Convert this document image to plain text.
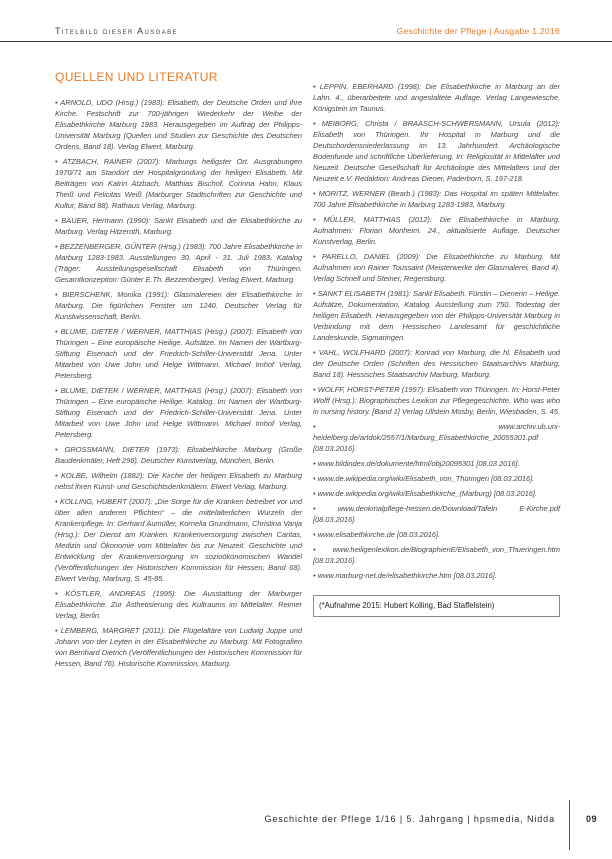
Titelbild dieser Ausgabe	Geschichte der Pflege | Ausgabe 1.2016
QUELLEN UND LITERATUR

• ARNOLD, UDO (Hrsg.) (1983): Elisabeth, der Deutsche Orden und ihre Kirche. Festschrift zur 700-jährigen Wiederkehr der Weihe der Elisabethkirche Marburg 1983. Herausgegeben im Auftrag der Philipps-Universität Marburg (Quellen und Studien zur Geschichte des Deutschen Ordens, Band 18). Verlag Elwert, Marburg.

• ATZBACH, RAINER (2007): Marburgs heiligster Ort. Ausgrabungen 1970/71 am Standort der Hospitalgründung der heiligen Elisabeth. Mit Beiträgen von Katrin Atzbach, Matthias Bischof, Corinna Hahn, Klaus Theiß und Felicitas Weiß (Marburger Stadtschriften zur Geschichte und Kultur, Band 88). Rathaus Verlag, Marburg.

• BAUER, Hermann (1990): Sankt Elisabeth und die Elisabethkirche zu Marburg. Verlag Hitzeroth, Marburg.

• BEZZENBERGER, GÜNTER (Hrsg.) (1983): 700 Jahre Elisabethkirche in Marburg 1283-1983. Ausstellungen 30. April - 31. Juli 1983. Katalog (Träger: Ausstellungsgesellschaft Elisabeth von Thüringen. Gesamtkonzeption: Günter E.Th. Bezzenberger). Verlag Elwert, Marburg.

• BIERSCHENK, Monika (1991): Glasmalereien der Elisabethkirche in Marburg. Die figürlichen Fenster um 1240. Deutscher Verlag für Kunstwissenschaft, Berlin.

• BLUME, DIETER / WERNER, MATTHIAS (Hrsg.) (2007): Elisabeth von Thüringen – Eine europäische Heilige. Aufsätze. Im Namen der Wartburg-Stiftung Eisenach und der Friedrich-Schiller-Universität Jena. Unter Mitarbeit von Uwe John und Helge Wittmann. Michael Imhof Verlag, Petersberg.

• BLUME, DIETER / WERNER, MATTHIAS (Hrsg.) (2007): Elisabeth von Thüringen – Eine europäische Heilige. Katalog. Im Namen der Wartburg-Stiftung Eisenach und der Friedrich-Schiller-Universität Jena. Unter Mitarbeit von Uwe John und Helge Wittmann. Michael Imhof Verlag, Petersberg.

• GROSSMANN, DIETER (1973): Elisabethkirche Marburg (Große Baudenkmäler, Heft 296). Deutscher Kunstverlag, München, Berlin.

• KOLBE, Wilhelm (1882): Die Kirche der heiligen Elisabeth zu Marburg nebst ihren Kunst- und Geschichtsdenkmälern. Elwert Verlag, Marburg.

• KOLLING, HUBERT (2007): „Die Sorge für die Kranken betreibet vor und über allen anderen Pflichten“ – die mittelalterlichen Wurzeln der Krankenpflege. In: Gerhard Aumüller, Kornelia Grundmann, Christina Vanja (Hrsg.): Der Dienst am Kranken. Krankenversorgung zwischen Caritas, Medizin und Ökonomie vom Mittelalter bis zur Neuzeit. Geschichte und Entwicklung der Krankenversorgung im sozioökonomischen Wandel (Veröffentlichungen der Historischen Kommission für Hessen, Band 68). Elwert Verlag, Marburg, S. 45-85.

• KÖSTLER, ANDREAS (1995): Die Ausstattung der Marburger Elisabethkirche. Zur Ästhetisierung des Kultraums im Mittelalter. Reimer Verlag, Berlin.

• LEMBERG, MARGRET (2011): Die Flügelaltäre von Ludwig Juppe und Johann von der Leyten in der Elisabethkirche zu Marburg. Mit Fotografien von Bernhard Dietrich (Veröffentlichungen der Historischen Kommission für Hessen, Band 76). Historische Kommission, Marburg.

• LEPPIN, EBERHARD (1998): Die Elisabethkirche in Marburg an der Lahn. 4., überarbeitete und angestaltete Auflage. Verlag Langewiesche, Königstein im Taunus.

• MEIBORG, Christa / BRAASCH-SCHWERSMANN, Ursula (2012): Elisabeth von Thüringen. Ihr Hospital in Marburg und die Deutschordensniederlassung im 13. Jahrhundert. Archäologische Bodenfunde und schriftliche Überlieferung. In: Religiosität in Mittelalter und Neuzeit. Deutsche Gesellschaft für Archäologie des Mittelalters und der Neuzeit e.V. Redaktion: Andreas Diener, Paderborn, S. 197-218.

• MORITZ, WERNER (Bearb.) (1983): Das Hospital im späten Mittelalter. 700 Jahre Elisabethkirche in Marburg 1283-1983, Marburg.

• MÜLLER, MATTHIAS (2012): Die Elisabethkirche in Marburg. Aufnahmen: Florian Monheim. 24., aktualisierte Auflage. Deutscher Kunstverlag, Berlin.

• PARELLO, DANIEL (2009): Die Elisabethkirche zu Marburg. Mit Aufnahmen von Rainer Toussaint (Meisterwerke der Glasmalerei, Band 4). Verlag Schnell und Steiner, Regensburg.

• SANKT ELISABETH (1981): Sankt Elisabeth. Fürstin – Dienerin – Heilige. Aufsätze, Dokumentation, Katalog. Ausstellung zum 750. Todestag der heiligen Elisabeth. Herausgegeben von der Philipps-Universität Marburg in Verbindung mit dem Hessischen Landesamt für geschichtliche Landeskunde, Sigmaringen.

• VAHL, WOLFHARD (2007): Konrad von Marburg, die hl. Elisabeth und der Deutsche Orden (Schriften des Hessischen Staatsarchivs Marburg, Band 18). Hessisches Staatsarchiv Marburg, Marburg.

• WOLFF, HORST-PETER (1997): Elisabeth von Thüringen. In: Horst-Peter Wolff (Hrsg.): Biographisches Lexikon zur Pflegegeschichte. Who was who in nursing history. [Band 1] Verlag Ullstein Mosby, Berlin, Wiesbaden, S. 45.

• www.archiv.ub.uni-heidelberg.de/artdok/2557/1/Marburg_Elisabethkirche_20055301.pdf [08.03.2016].

• www.bildindex.de/dokumente/html/obj20095301 [08.03.2016].

• www.de.wikipedia.org/wiki/Elisabeth_von_Thüringen [08.03.2016].

• www.de.wikipedia.org/wiki/Elisabethkirche_(Marburg) [08.03.2016].

• www.denkmalpflege-hessen.de/Download/Tafeln E-Kirche.pdf [08.03.2016].

• www.elisabethkirche.de [08.03.2016].

• www.heiligenlexikon.de/BiographienE/Elisabeth_von_Thueringen.htm [08.03.2016].

• www.marburg-net.de/elisabethkirche.htm [08.03.2016].

(*Aufnahme 2015: Hubert Kolling, Bad Staffelstein)
Geschichte der Pflege 1/16 | 5. Jahrgang | hpsmedia, Nidda	09
